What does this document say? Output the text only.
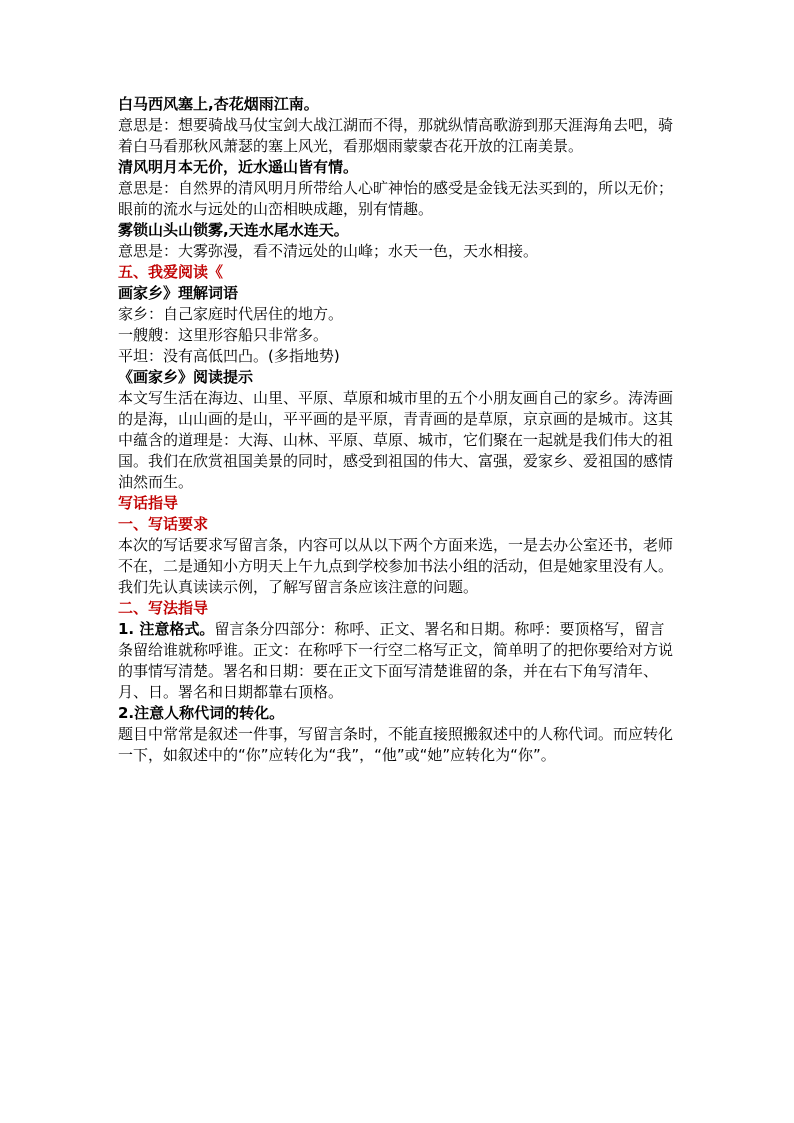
白马西风塞上,杏花烟雨江南。
意思是：想要骑战马仗宝剑大战江湖而不得，那就纵情高歌游到那天涯海角去吧，骑着白马看那秋风萧瑟的塞上风光，看那烟雨蒙蒙杏花开放的江南美景。
清风明月本无价，近水遥山皆有情。
意思是：自然界的清风明月所带给人心旷神怡的感受是金钱无法买到的，所以无价；眼前的流水与远处的山峦相映成趣，别有情趣。
雾锁山头山锁雾,天连水尾水连天。
意思是：大雾弥漫，看不清远处的山峰；水天一色，天水相接。
五、我爱阅读《
画家乡》理解词语
家乡：自己家庭时代居住的地方。
一艘艘：这里形容船只非常多。
平坦：没有高低凹凸。(多指地势)
《画家乡》阅读提示
本文写生活在海边、山里、平原、草原和城市里的五个小朋友画自己的家乡。涛涛画的是海，山山画的是山，平平画的是平原，青青画的是草原，京京画的是城市。这其中蕴含的道理是：大海、山林、平原、草原、城市，它们聚在一起就是我们伟大的祖国。我们在欣赏祖国美景的同时，感受到祖国的伟大、富强，爱家乡、爱祖国的感情油然而生。
写话指导
一、写话要求
本次的写话要求写留言条，内容可以从以下两个方面来选，一是去办公室还书，老师不在，二是通知小方明天上午九点到学校参加书法小组的活动，但是她家里没有人。我们先认真读读示例，了解写留言条应该注意的问题。
二、写法指导
1. 注意格式。留言条分四部分：称呼、正文、署名和日期。称呼：要顶格写，留言条留给谁就称呼谁。正文：在称呼下一行空二格写正文，简单明了的把你要给对方说的事情写清楚。署名和日期：要在正文下面写清楚谁留的条，并在右下角写清年、月、日。署名和日期都靠右顶格。
2.注意人称代词的转化。
题目中常常是叙述一件事，写留言条时，不能直接照搬叙述中的人称代词。而应转化一下，如叙述中的“你”应转化为“我”，“他”或“她”应转化为“你”。
